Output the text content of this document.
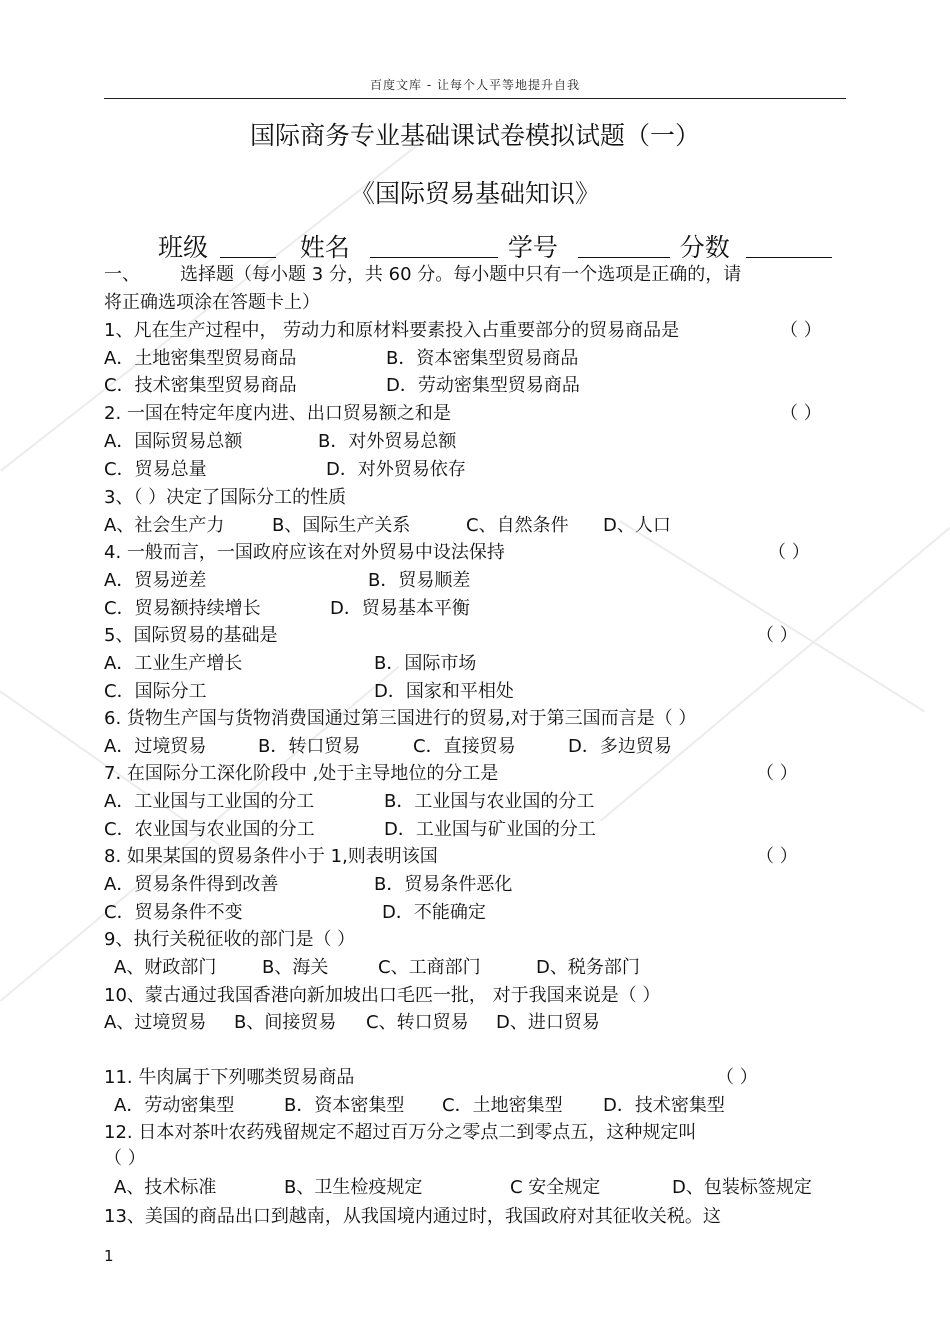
百度文库 - 让每个人平等地提升自我
国际商务专业基础课试卷模拟试题（一）
《国际贸易基础知识》
班级	姓名	学号	分数
一、 选择题（每小题 3 分，共 60 分。每小题中只有一个选项是正确的，请
将正确选项涂在答题卡上）
1、凡在生产过程中， 劳动力和原材料要素投入占重要部分的贸易商品是	（ ）
A．土地密集型贸易商品	B．资本密集型贸易商品
C．技术密集型贸易商品	D．劳动密集型贸易商品
2. 一国在特定年度内进、出口贸易额之和是	（ ）
A．国际贸易总额	B．对外贸易总额
C．贸易总量	D．对外贸易依存
3、（ ）决定了国际分工的性质
A、社会生产力	B、国际生产关系	C、自然条件 D、人口
4. 一般而言，一国政府应该在对外贸易中设法保持	（ ）
A．贸易逆差	B．贸易顺差
C．贸易额持续增长	D．贸易基本平衡
5、国际贸易的基础是	（ ）
A．工业生产增长	B．国际市场
C．国际分工	D．国家和平相处
6. 货物生产国与货物消费国通过第三国进行的贸易,对于第三国而言是（ ）
A．过境贸易	B．转口贸易	C．直接贸易	D．多边贸易
7. 在国际分工深化阶段中 ,处于主导地位的分工是	（ ）
A．工业国与工业国的分工	B．工业国与农业国的分工
C．农业国与农业国的分工	D．工业国与矿业国的分工
8. 如果某国的贸易条件小于 1,则表明该国	（ ）
A．贸易条件得到改善	B．贸易条件恶化
C．贸易条件不变	D．不能确定
9、执行关税征收的部门是（ ）
A、财政部门	B、海关	C、工商部门	D、税务部门
10、蒙古通过我国香港向新加坡出口毛匹一批， 对于我国来说是（ ）
A、过境贸易 B、间接贸易 C、转口贸易 D、进口贸易
11. 牛肉属于下列哪类贸易商品	（ ）
A．劳动密集型	B．资本密集型 C．土地密集型 D．技术密集型
12. 日本对茶叶农药残留规定不超过百万分之零点二到零点五，这种规定叫
（ ）
A、技术标准	B、卫生检疫规定	C 安全规定	D、包装标签规定
13、美国的商品出口到越南，从我国境内通过时，我国政府对其征收关税。这
1
